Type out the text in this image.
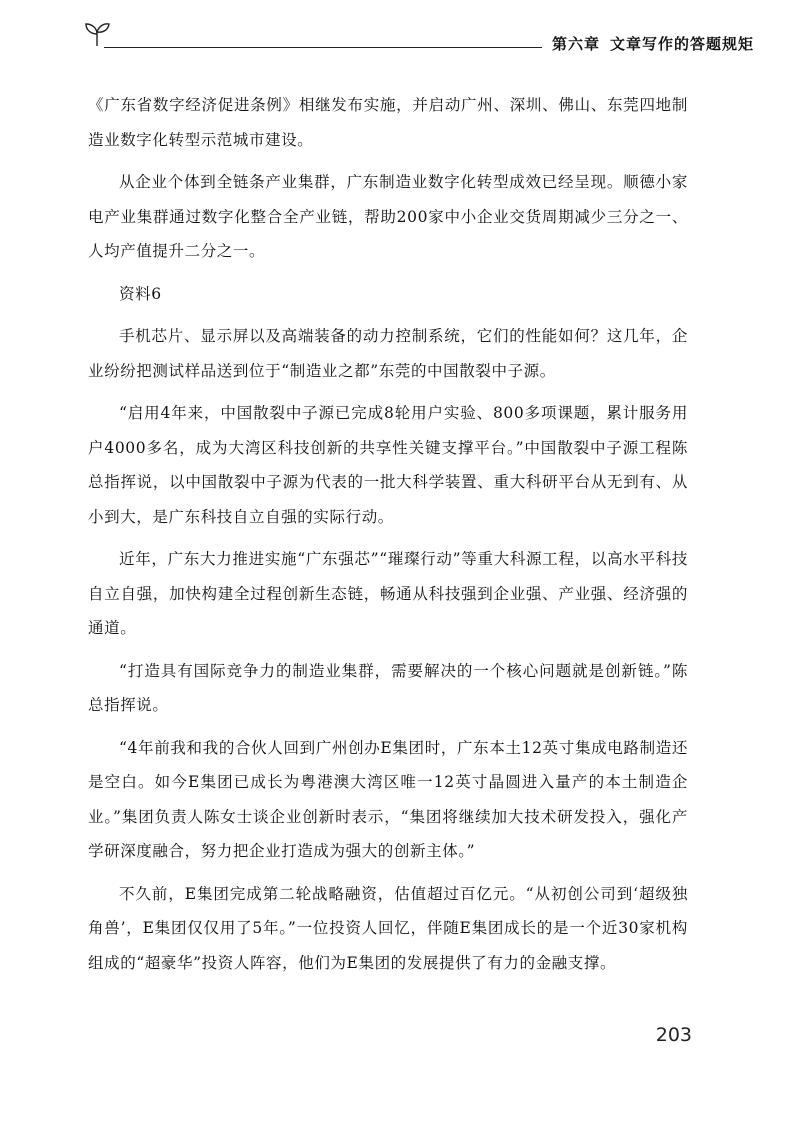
第六章 文章写作的答题规矩

《广东省数字经济促进条例》相继发布实施，并启动广州、深圳、佛山、东莞四地制造业数字化转型示范城市建设。

从企业个体到全链条产业集群，广东制造业数字化转型成效已经呈现。顺德小家电产业集群通过数字化整合全产业链，帮助200家中小企业交货周期减少三分之一、人均产值提升二分之一。

资料6

手机芯片、显示屏以及高端装备的动力控制系统，它们的性能如何？这几年，企业纷纷把测试样品送到位于“制造业之都”东莞的中国散裂中子源。

“启用4年来，中国散裂中子源已完成8轮用户实验、800多项课题，累计服务用户4000多名，成为大湾区科技创新的共享性关键支撑平台。”中国散裂中子源工程陈总指挥说，以中国散裂中子源为代表的一批大科学装置、重大科研平台从无到有、从小到大，是广东科技自立自强的实际行动。

近年，广东大力推进实施“广东强芯”“璀璨行动”等重大科源工程，以高水平科技自立自强，加快构建全过程创新生态链，畅通从科技强到企业强、产业强、经济强的通道。

“打造具有国际竞争力的制造业集群，需要解决的一个核心问题就是创新链。”陈总指挥说。

“4年前我和我的合伙人回到广州创办E集团时，广东本土12英寸集成电路制造还是空白。如今E集团已成长为粤港澳大湾区唯一12英寸晶圆进入量产的本土制造企业。”集团负责人陈女士谈企业创新时表示，“集团将继续加大技术研发投入，强化产学研深度融合，努力把企业打造成为强大的创新主体。”

不久前，E集团完成第二轮战略融资，估值超过百亿元。“从初创公司到‘超级独角兽’，E集团仅仅用了5年。”一位投资人回忆，伴随E集团成长的是一个近30家机构组成的“超豪华”投资人阵容，他们为E集团的发展提供了有力的金融支撑。

203
